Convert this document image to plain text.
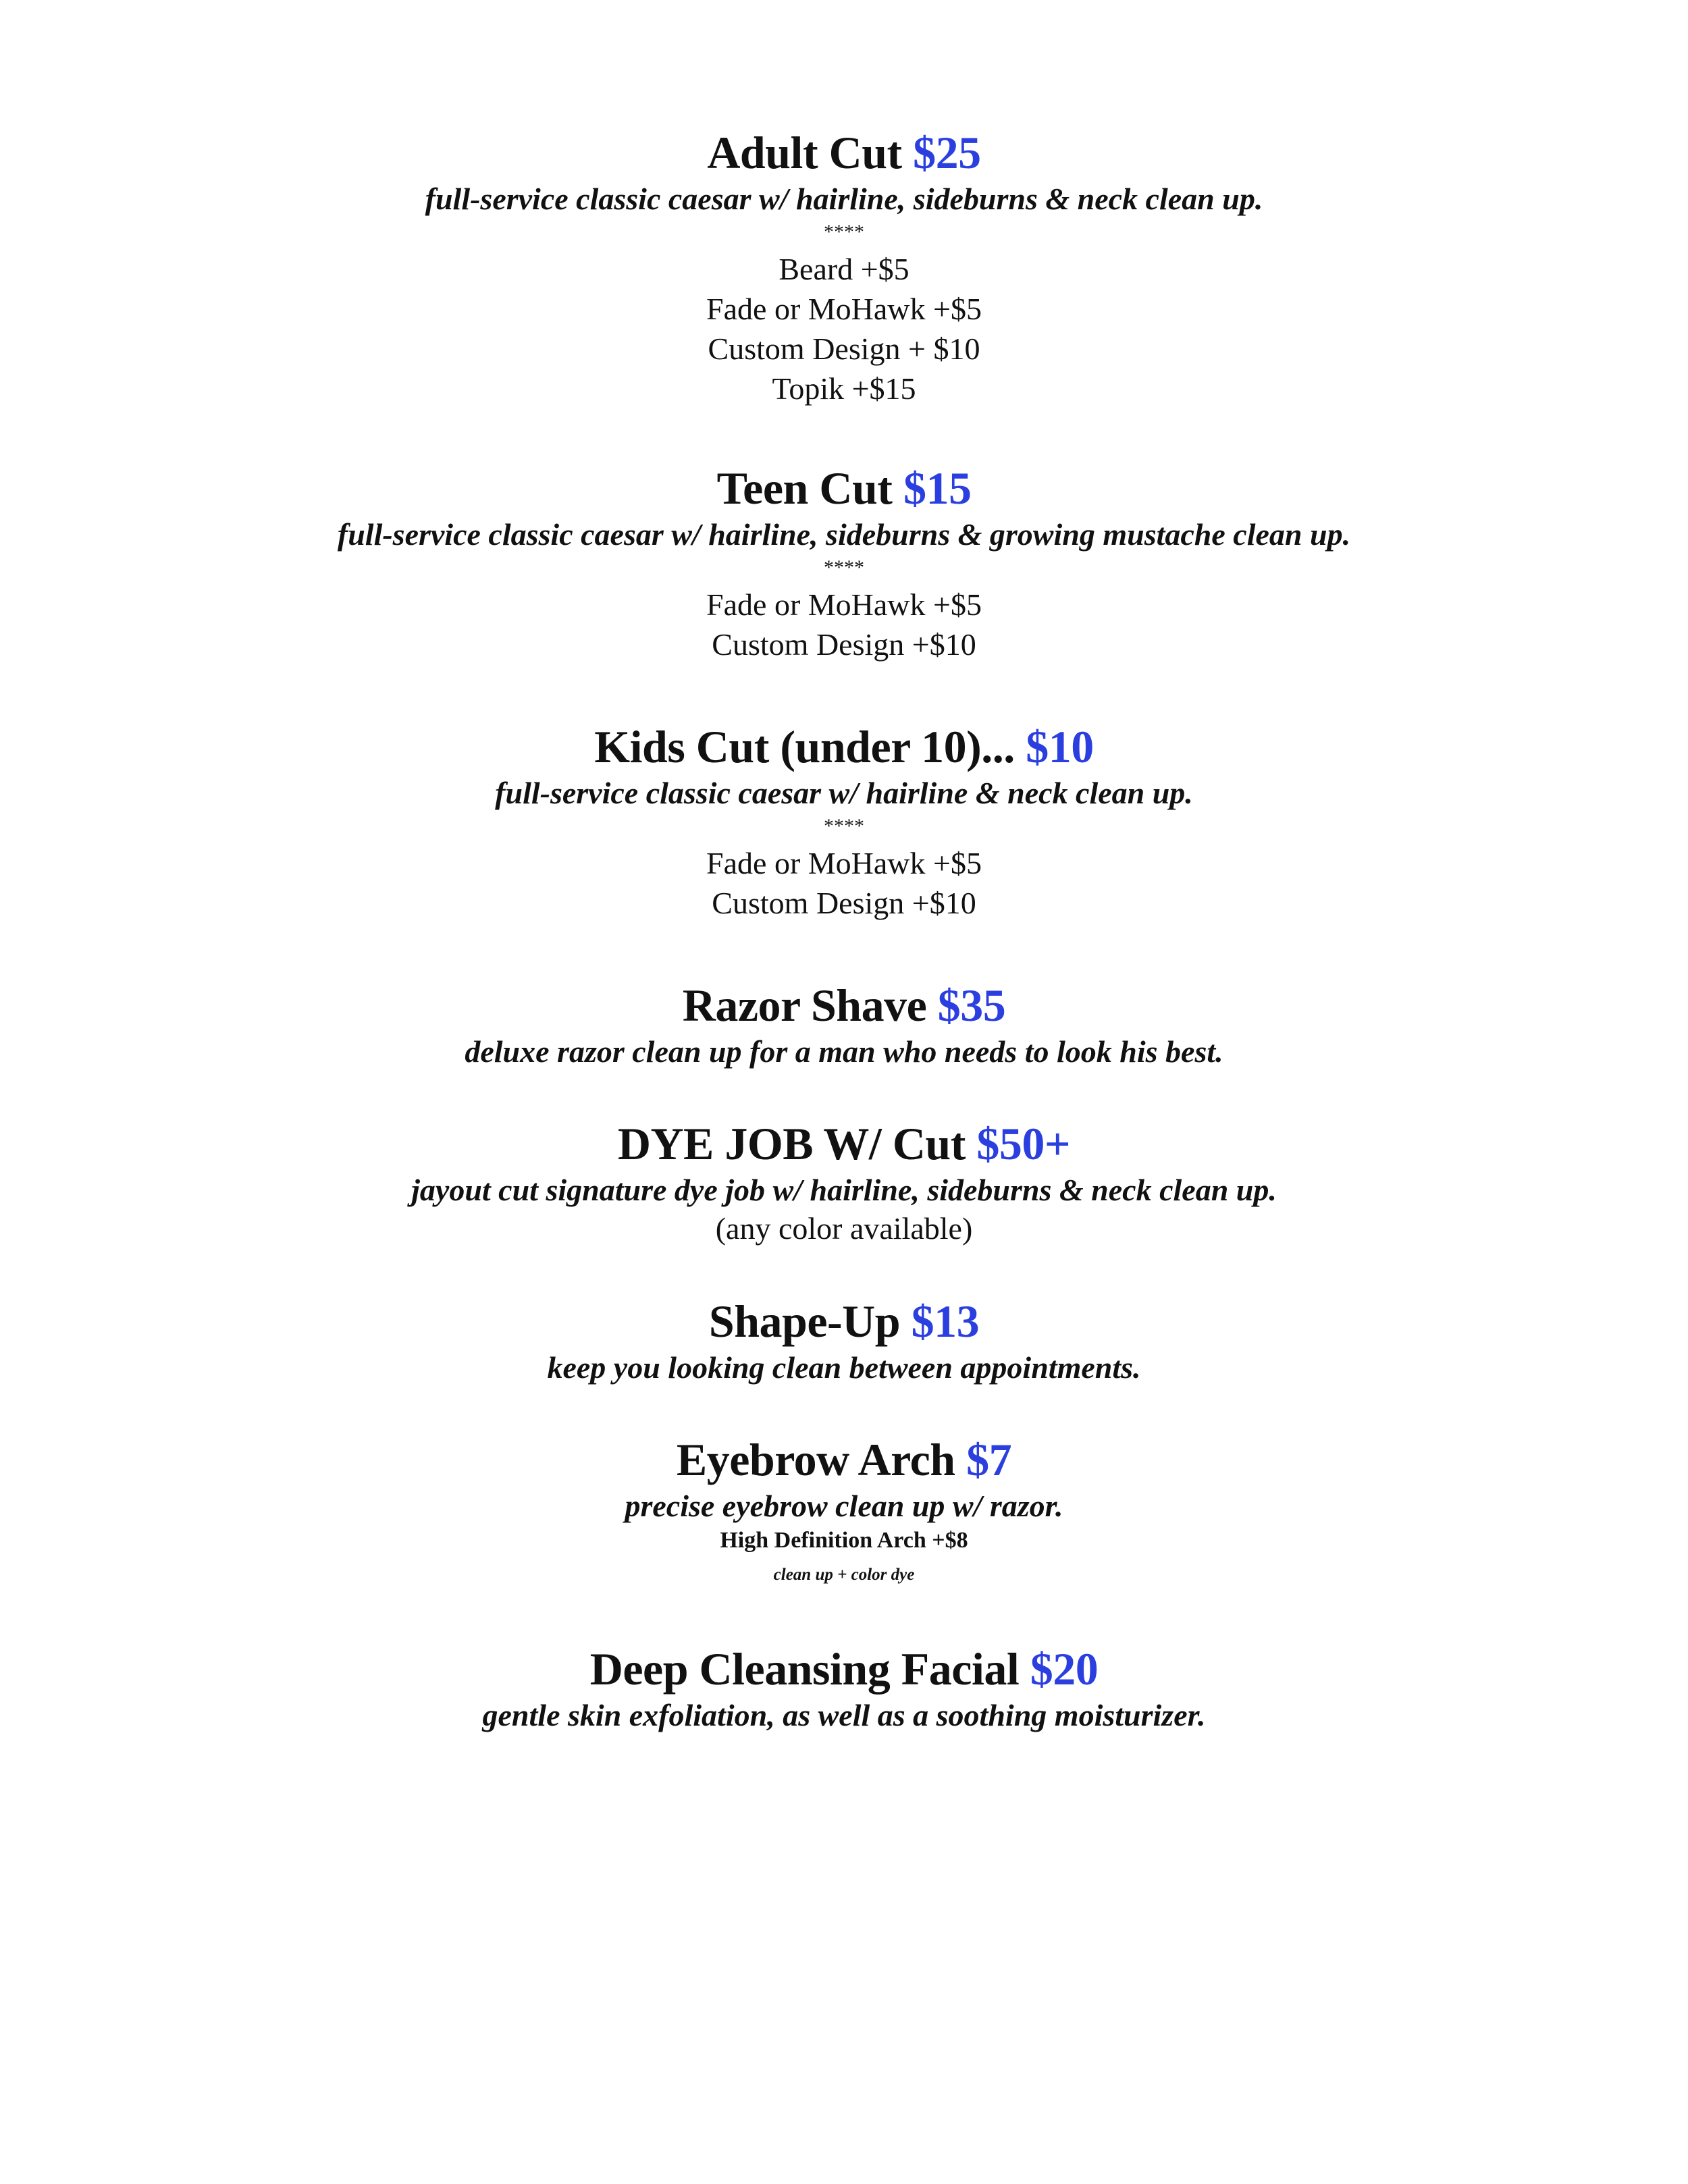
Adult Cut $25

full-service classic caesar w/ hairline, sideburns & neck clean up.

****

Beard +$5

Fade or MoHawk +$5

Custom Design + $10

Topik +$15

Teen Cut $15

full-service classic caesar w/ hairline, sideburns & growing mustache clean up.

****

Fade or MoHawk +$5

Custom Design +$10

Kids Cut (under 10)... $10

full-service classic caesar w/ hairline & neck clean up.

****

Fade or MoHawk +$5

Custom Design +$10

Razor Shave $35

deluxe razor clean up for a man who needs to look his best.

DYE JOB W/ Cut $50+

jayout cut signature dye job w/ hairline, sideburns & neck clean up.

(any color available)

Shape-Up $13

keep you looking clean between appointments.

Eyebrow Arch $7

precise eyebrow clean up w/ razor.

High Definition Arch +$8

clean up + color dye

Deep Cleansing Facial $20

gentle skin exfoliation, as well as a soothing moisturizer.
